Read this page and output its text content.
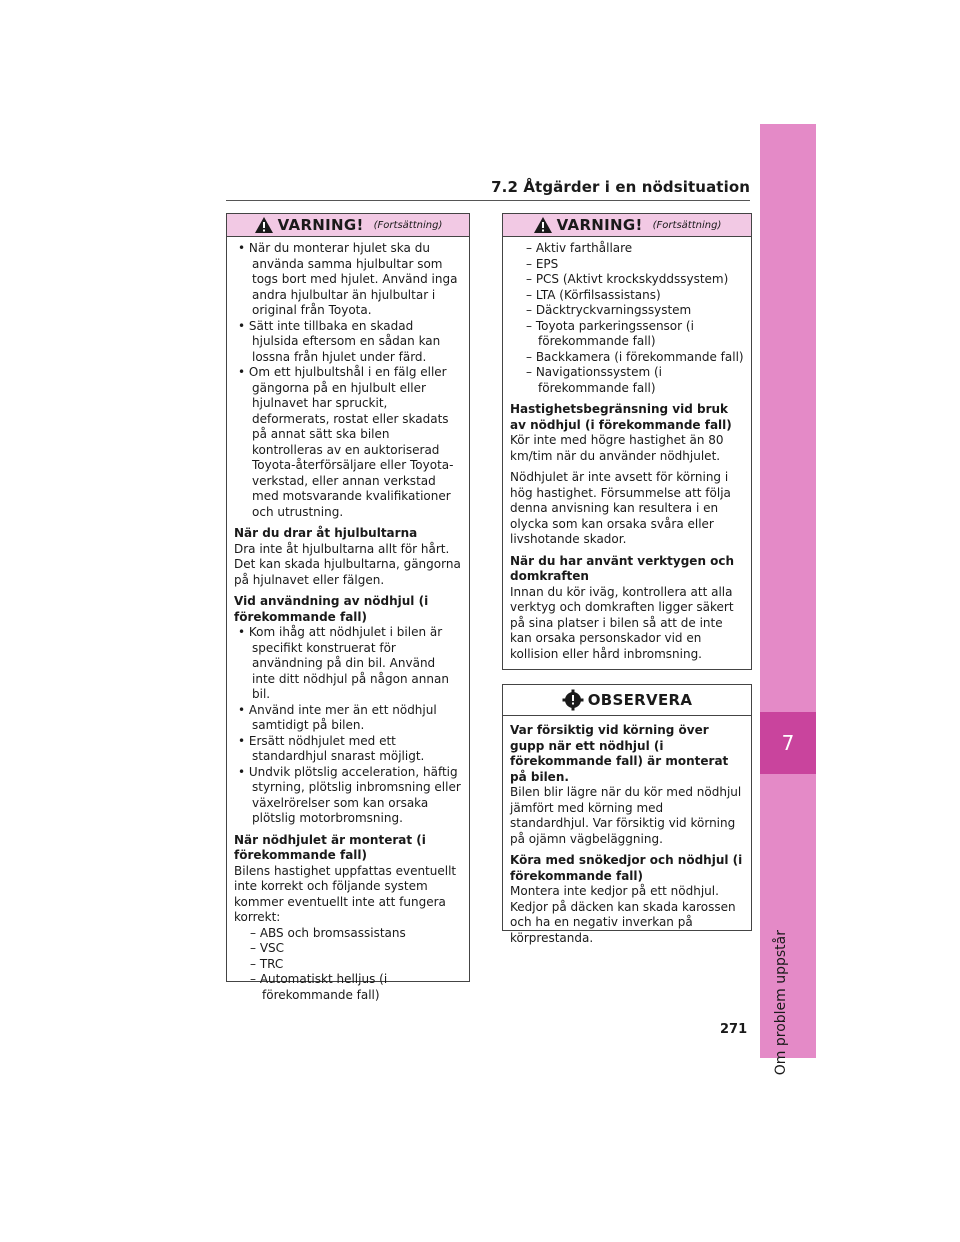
7.2 Åtgärder i en nödsituation
7
Om problem uppstår
VARNING! (Fortsättning)

• När du monterar hjulet ska du använda samma hjulbultar som togs bort med hjulet. Använd inga andra hjulbultar än hjulbultar i original från Toyota.

• Sätt inte tillbaka en skadad hjulsida eftersom en sådan kan lossna från hjulet under färd.

• Om ett hjulbultshål i en fälg eller gängorna på en hjulbult eller hjulnavet har spruckit, deformerats, rostat eller skadats på annat sätt ska bilen kontrolleras av en auktoriserad Toyota-återförsäljare eller Toyota-verkstad, eller annan verkstad med motsvarande kvalifikationer och utrustning.

När du drar åt hjulbultarna

Dra inte åt hjulbultarna allt för hårt. Det kan skada hjulbultarna, gängorna på hjulnavet eller fälgen.

Vid användning av nödhjul (i förekommande fall)

• Kom ihåg att nödhjulet i bilen är specifikt konstruerat för användning på din bil. Använd inte ditt nödhjul på någon annan bil.

• Använd inte mer än ett nödhjul samtidigt på bilen.

• Ersätt nödhjulet med ett standardhjul snarast möjligt.

• Undvik plötslig acceleration, häftig styrning, plötslig inbromsning eller växelrörelser som kan orsaka plötslig motorbromsning.

När nödhjulet är monterat (i förekommande fall)

Bilens hastighet uppfattas eventuellt inte korrekt och följande system kommer eventuellt inte att fungera korrekt:

– ABS och bromsassistans

– VSC

– TRC

– Automatiskt helljus (i förekommande fall)

VARNING! (Fortsättning)

– Aktiv farthållare

– EPS

– PCS (Aktivt krockskyddssystem)

– LTA (Körfilsassistans)

– Däcktryckvarningssystem

– Toyota parkeringssensor (i förekommande fall)

– Backkamera (i förekommande fall)

– Navigationssystem (i förekommande fall)

Hastighetsbegränsning vid bruk av nödhjul (i förekommande fall)

Kör inte med högre hastighet än 80 km/tim när du använder nödhjulet.

Nödhjulet är inte avsett för körning i hög hastighet. Försummelse att följa denna anvisning kan resultera i en olycka som kan orsaka svåra eller livshotande skador.

När du har använt verktygen och domkraften

Innan du kör iväg, kontrollera att alla verktyg och domkraften ligger säkert på sina platser i bilen så att de inte kan orsaka personskador vid en kollision eller hård inbromsning.

OBSERVERA

Var försiktig vid körning över gupp när ett nödhjul (i förekommande fall) är monterat på bilen.

Bilen blir lägre när du kör med nödhjul jämfört med körning med standardhjul. Var försiktig vid körning på ojämn vägbeläggning.

Köra med snökedjor och nödhjul (i förekommande fall)

Montera inte kedjor på ett nödhjul. Kedjor på däcken kan skada karossen och ha en negativ inverkan på körprestanda.

271
